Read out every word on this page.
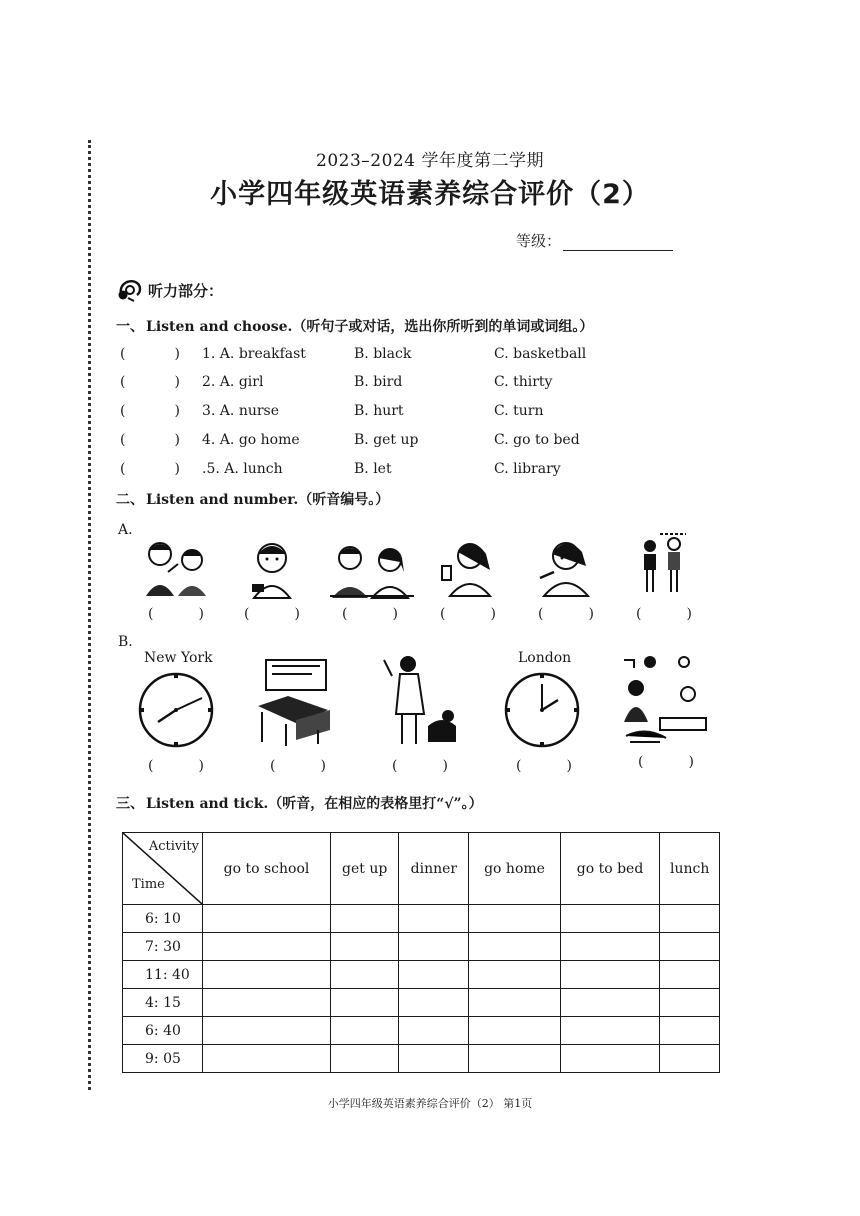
2023–2024 学年度第二学期
小学四年级英语素养综合评价（2）
等级：
听力部分：
一、 Listen and choose.（听句子或对话，选出你所听到的单词或词组。）
(	) 1. A. breakfast	B. black	C. basketball
(	) 2. A. girl	B. bird	C. thirty
(	) 3. A. nurse	B. hurt	C. turn
(	) 4. A. go home	B. get up	C. go to bed
(	) .5. A. lunch	B. let	C. library
二、 Listen and number.（听音编号。）
A.
(	)	(	)	(	)	(	)	(	)	(	)
B.
New York	London
(	)	(	)	(	)	(	)	(	)
三、 Listen and tick.（听音，在相应的表格里打“√”。）
Activity
Time	go to school	get up	dinner	go home	go to bed	lunch
6: 10						
7: 30						
11: 40						
4: 15						
6: 40						
9: 05						
小学四年级英语素养综合评价（2） 第1页
